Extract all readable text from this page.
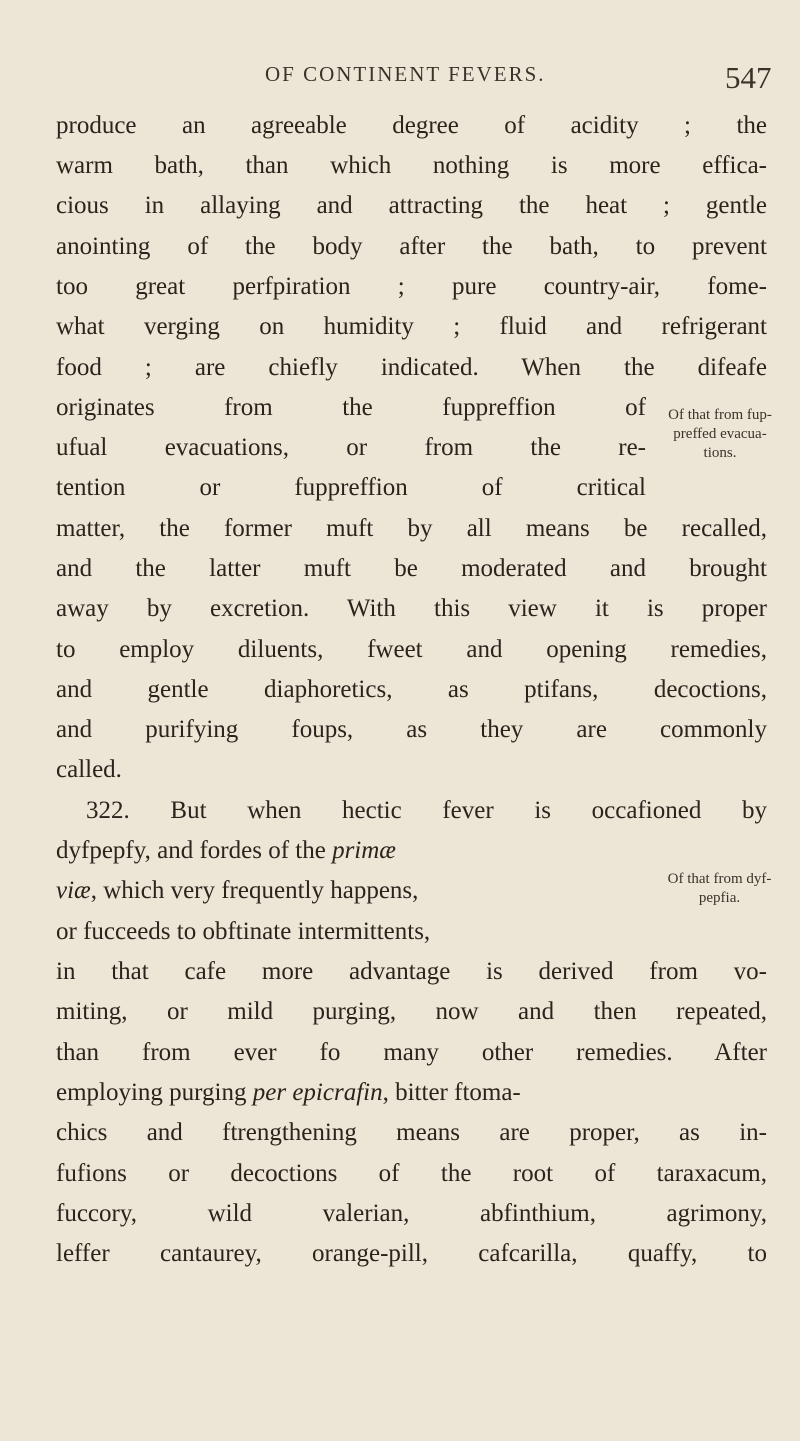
OF CONTINENT FEVERS.	547
produce an agreeable degree of acidity ; the
warm bath, than which nothing is more effica-
cious in allaying and attracting the heat ; gentle
anointing of the body after the bath, to prevent
too great perfpiration ; pure country-air, fome-
what verging on humidity ; fluid and refrigerant
food ; are chiefly indicated. When the difeafe
originates from the fuppreffion of
ufual evacuations, or from the re-
tention or fuppreffion of critical
Of that from fup-
preffed evacua-
tions.
matter, the former muft by all means be recalled,
and the latter muft be moderated and brought
away by excretion. With this view it is proper
to employ diluents, fweet and opening remedies,
and gentle diaphoretics, as ptifans, decoctions,
and purifying foups, as they are commonly
called.
322. But when hectic fever is occafioned by
dyfpepfy, and fordes of the primæ
viæ, which very frequently happens,	Of that from dyf-
pepfia.
or fucceeds to obftinate intermittents,
in that cafe more advantage is derived from vo-
miting, or mild purging, now and then repeated,
than from ever fo many other remedies. After
employing purging per epicrafin, bitter ftoma-
chics and ftrengthening means are proper, as in-
fufions or decoctions of the root of taraxacum,
fuccory, wild valerian, abfinthium, agrimony,
leffer cantaurey, orange-pill, cafcarilla, quaffy, to
